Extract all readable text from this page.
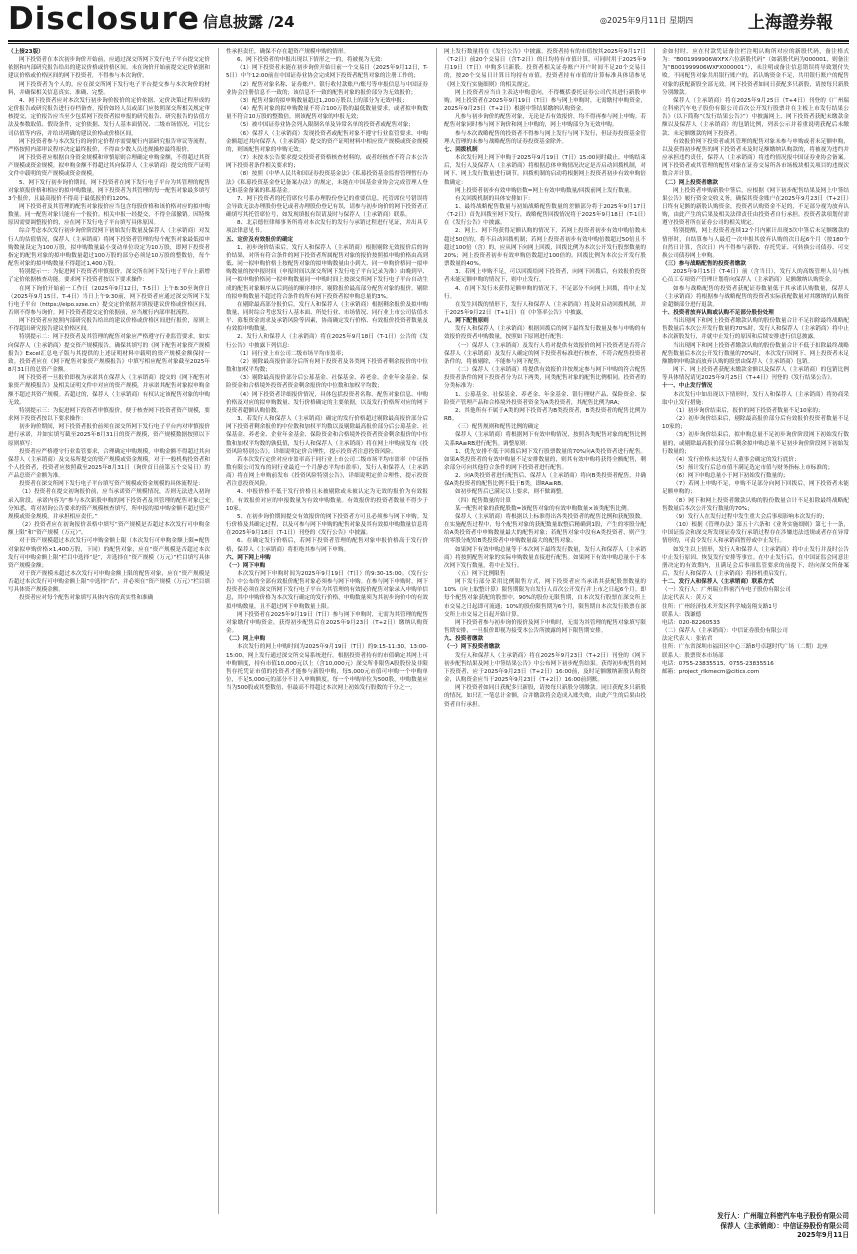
Disclosure 信息披露 /24	◎2025年9月11日 星期四	上海證券報

（上接23版）

网下投资者在本次初步询价开始前，应通过深交所网下发行电子平台提交定价依据和内部研究报告给出的建议价格或价格区间。未在询价开始前提交定价依据和建议价格或价格区间的网下投资者，不得参与本次询价。

网下投资者为个人的，应在深交所网下发行电子平台提交参与本次询价的材料，并确保相关信息真实、准确、完整。

4、网下投资者应对本次发行初步询价报价的定价依据、定价决策过程形成的定价报告或研究报告进行存档备查，报价如经人员或部门应按照深交所相关规定审核提交，定价报告应当至少包括网下投资者拟申报的研究报告、研究报告的估值方法及参数取值、假设条件，定价依据、发行人基本面情况、二级市场情况、可比公司估值等内容，并给出明确的建议价格或价格区间。

网下投资者参与本次发行的询价定价程序需要履行内部研究报告审议等流程，严格按照内部审议程序决定最终报价，不得由少数人员违规操控最终报价。

网下投资者应根据自身资金规模和审慎原则合理确定申购金额，不得超过其资产规模或资金规模。拟申购金额不得超过其向保荐人（主承销商）提交的资产证明文件中载明的资产规模或资金规模。

5、网下发行初步询价期间，网下投资者在网下发行电子平台为其管理的配售对象填报价格和相应的拟申购数量，网下投资者为其管理的每一配售对象最多填写3个报价，且最高报价不得高于最低报价的120%。

网下投资者及其管理的配售对象报价应当包含每股价格和该价格对应的拟申购数量。同一配售对象只能有一个报价。相关申报一经提交，不得全部撤销。因特殊原因需要调整报价的，应在网下发行电子平台填写具体原因。

综合考虑本次发行初步询价阶段网下初始发行数量及保荐人（主承销商）对发行人的估值情况，保荐人（主承销商）将网下投资者管理的每个配售对象最低拟申购数量设定为100万股，拟申购数量最小变动单位设定为10万股，即网下投资者指定的配售对象的拟申购数量超过100万股的部分必须是10万股的整数倍，每个配售对象的拟申购数量不得超过1,400万股。

特别提示一：为促进网下投资者审慎报价，深交所在网下发行电子平台上新增了定价依据核查功能。要求网下投资者按以下要求操作：

在网下询价开始前一工作日（2025年9月12日，T-5日）上午8:30至询价日（2025年9月15日，T-4日）当日上午9:30前，网下投资者应通过深交所网下发行电子平台（https://eipo.szse.cn）提交定价依据并填报建议价格或价格区间，否则不得参与询价。网下投资者提交定价依据前，应当履行内部审批流程。

网下投资者应按照内部研究报告给出的建议价格或价格区间进行报价，原则上不得超出研究报告建议价格区间。

特别提示二：网下投资者及其管理的配售对象应严格遵守行业监管要求，如实向保荐人（主承销商）提交资产规模报告，确保其填写的《网下配售对象资产规模报告》Excel汇总电子版与其提供的上述证明材料中载明的资产规模金额保持一致。投资者应在《网下配售对象资产规模报告》中填写相应配售对象截至2025年8月31日的总资产金额。

网下投资者一旦报价即视为承诺其在保荐人（主承销商）提交的《网下配售对象资产规模报告》及相关证明文件中对应的资产规模，并承诺其配售对象拟申购金额不超过其资产规模。若超过的，保荐人（主承销商）有权认定该配售对象的申购无效。

特别提示三：为促进网下投资者审慎报价，便于核查网下投资者资产规模，要求网下投资者按以下要求操作：

初步询价期间，网下投资者报价前须在深交所网下发行电子平台内对审慎报价进行承诺，并如实填写截至2025年8月31日的资产规模，资产规模数据按照以下原则填写：

投资者应严格遵守行业监管要求，合理确定申购规模，申购金额不得超过其向保荐人（主承销商）及交易所提交的资产规模或资金规模。对于一般机构投资者和个人投资者，投资者应按照截至2025年8月31日（询价首日前第五个交易日）的产品总资产金额为准。

投资者在深交所网下发行电子平台填写资产规模或资金规模的具体流程是：

（1）投资者在提交初询报价前，应当承诺资产规模情况，否则无法进入初询录入阶段。承诺内容为“参与本次新股申购的网下投资者及其管理的配售对象已充分知悉，将对初询公告要求的资产规模核查填写，所申报的拟申购金额不超过资产规模或资金规模，并承担相应责任。”

（2）投资者应在初询报价表格中填写“资产规模是否超过本次发行可申购金额上限”和“资产规模（万元）”。

对于资产规模超过本次发行可申购金额上限（本次发行可申购金额上限=配售对象拟申购价格×1,400万股，下同）的配售对象，应在“资产规模是否超过本次发行可申购金额上限”栏目中选择“是”，并选择在“资产规模（万元）”栏目填写具体资产规模金额；

对于资产规模未超过本次发行可申购金额上限的配售对象，应在“资产规模是否超过本次发行可申购金额上限”中选择“否”，并必须在“资产规模（万元）”栏目填写具体资产规模金额。

投资者应对每个配售对象填写具体内容的真实性和准确

性承担责任，确保不存在超资产规模申购的情形。

6、网下投资者的申报出现以下情形之一的，将被视为无效：

（1）网下投资者未能在初步询价开始日前一个交易日（2025年9月12日，T-5日）中午12:00前在中国证券业协会完成网下投资者配售对象的注册工作的；

（2）配售对象名称、证券账户、银行收付款账户/账号等申报信息与中国证券业协会注册信息不一致的；该信息不一致的配售对象的报价部分为无效报价；

（3）配售对象的拟申购数量超过1,200万股以上的部分为无效申报；

（4）配售对象的拟申购数量不符合100万股的最低数量要求，或者拟申购数量不符合10万股的整数倍，则该配售对象的申报无效；

（5）被中国证券业协会列入限制名单及异常名单的投资者或配售对象；

（6）保荐人（主承销商）发现投资者或配售对象不遵守行业监管要求、申购金额超过其向保荐人（主承销商）提交的资产证明材料中相应资产规模或资金规模的，则该配售对象的申购无效；

（7）未按本公告要求提交投资者资格核查材料的，或者经核查不符合本公告网下投资者条件相关要求的；

（8）按照《中华人民共和国证券投资基金法》《私募投资基金监督管理暂行办法》《私募投资基金登记备案办法》的规定，未能在中国基金业协会完成管理人登记和基金备案的私募基金。

7、网下投资者的托管席位号系办理股份登记的重要信息，托管席位号错误将会导致无法办理股份登记或者办理股份登记有误，请参与初步询价的网下投资者正确填写其托管席位号，如发现填报有误请及时与保荐人（主承销商）联系。

8、北京德恒律师事务所将对本次发行的发行与承销过程进行见证，并出具专项法律意见书。

五、定价及有效报价的确定

1、初步询价结束后，发行人和保荐人（主承销商）根据剔除无效报价后的询价结果，对所有符合条件的网下投资者所属配售对象的报价按照拟申购价格由高到低、同一拟申购价格上按配售对象的拟申购数量由小到大、同一申购价格同一拟申购数量的按申报时间（申报时间以深交所网下发行电子平台记录为准）由晚到早、同一拟申购价格同一拟申购数量同一申购时间上按深交所网下发行电子平台自动生成的配售对象顺序从后到前的顺序排序，剔除报价最高部分配售对象的报价，剔除的拟申购数量不超过符合条件的所有网下投资者拟申购总量的3%。

在剔除最高部分报价后，发行人和保荐人（主承销商）根据剩余报价及拟申购数量，同时综合考虑发行人基本面、所处行业、市场情况、同行业上市公司估值水平、募集资金需求及承销风险等因素，协商确定发行价格、有效报价投资者数量及有效拟申购数量。

2、发行人和保荐人（主承销商）将在2025年9月18日（T-1日）公告的《发行公告》中披露下列信息：

（1）同行业上市公司二级市场平均市盈率；

（2）剔除最高报价部分后所有网下投资者及各类网下投资者剩余报价的中位数和加权平均数；

（3）剔除最高报价部分后公募基金、社保基金、养老金、企业年金基金、保险资金和合格境外投资者资金剩余报价的中位数和加权平均数；

（4）网下投资者详细报价情况，具体包括投资者名称、配售对象信息、申购价格及对应的拟申购数量、发行价格确定的主要依据，以及发行价格所对应的网下投资者超额认购倍数。

3、若发行人和保荐人（主承销商）确定的发行价格超过剔除最高报价部分后网下投资者剩余报价的中位数和加权平均数以及剔除最高报价部分后公募基金、社保基金、养老金、企业年金基金、保险资金和合格境外投资者资金剩余报价的中位数和加权平均数的孰低值，发行人和保荐人（主承销商）将在网上申购前发布《投资风险特别公告》，详细说明定价合理性，提示投资者注意投资风险。

若本次发行定价对应市盈率高于同行业上市公司二级市场平均市盈率（中证指数有限公司发布的同行业最近一个月静态平均市盈率），发行人和保荐人（主承销商）将在网上申购前发布《投资风险特别公告》，详细说明定价合理性，提示投资者注意投资风险。

4、申报价格不低于发行价格且未被剔除或未被认定为无效的报价为有效报价。有效报价对应的申报数量为有效申购数量。有效报价的投资者数量不得少于10家。

5、在初步询价期间提交有效报价的网下投资者方可且必须参与网下申购。发行价格及其确定过程，以及可参与网下申购的配售对象及其有效拟申购数量信息将在2025年9月18日（T-1日）刊登的《发行公告》中披露。

6、在确定发行价格后，若网下投资者管理的配售对象申报价格高于发行价格，保荐人（主承销商）将拒绝其参与网下申购。

六、网下网上申购

（一）网下申购

本次发行网下申购时间为2025年9月19日（T日）的9:30-15:00。《发行公告》中公布的全部有效报价配售对象必须参与网下申购。在参与网下申购时，网下投资者必须在深交所网下发行电子平台为其管理的有效报价配售对象录入申购单信息，其中申购价格为本次发行确定的发行价格，申购数量须为其初步询价中的有效拟申购数量，且不超过网下申购数量上限。

网下投资者在2025年9月19日（T日）参与网下申购时，无需为其管理的配售对象缴付申购资金，获得初步配售后在2025年9月23日（T+2日）缴纳认购资金。

（二）网上申购

本次发行的网上申购时间为2025年9月19日（T日）的9:15-11:30，13:00-15:00。网上发行通过深交所交易系统进行。根据投资者持有的市值确定其网上可申购额度，持有市值10,000元以上（含10,000元）深交所非限售A股股份及非限售存托凭证市值的投资者才能参与新股申购，每5,000元市值可申购一个申购单位，不足5,000元的部分不计入申购额度。每一个申购单位为500股，申购数量应当为500股或其整数倍，但最高不得超过本次网上初始发行股数的千分之一。

网上发行数量将在《发行公告》中披露。投资者持有的市值按其2025年9月17日（T-2日）前20个交易日（含T-2日）的日均持有市值计算，可同时用于2025年9月19日（T日）申购多只新股。投资者相关证券账户开户时间不足20个交易日的，按20个交易日计算日均持有市值。投资者持有市值的计算标准具体请参见《网上发行实施细则》的相关规定。

网上投资者应当自主表达申购意向，不得概括委托证券公司代其进行新股申购。网上投资者在2025年9月19日（T日）参与网上申购时，无需缴付申购资金，2025年9月23日（T+2日）根据中签结果缴纳认购资金。

凡参与初步询价的配售对象，无论是否有效报价，均不得再参与网上申购。若配售对象同时参与网下询价和网上申购的，网上申购部分为无效申购。

参与本次战略配售的投资者不得参与网上发行与网下发行，但证券投资基金管理人管理的未参与战略配售的证券投资基金除外。

七、回拨机制

本次发行网上网下申购于2025年9月19日（T日）15:00同时截止。申购结束后，发行人及保荐人（主承销商）将根据总体申购情况决定是否启动回拨机制，对网下、网上发行数量进行调节。回拨机制的启动将根据网上投资者初步有效申购倍数确定：

网上投资者初步有效申购倍数=网上有效申购数量/回拨前网上发行数量。

有关回拨机制的具体安排如下：

1、最终战略配售数量与初始战略配售数量的差额部分将于2025年9月17日（T-2日）首先回拨至网下发行，战略配售回拨情况将于2025年9月18日（T-1日）在《发行公告》中披露。

2、网上、网下均获得足额认购的情况下，若网上投资者初步有效申购倍数未超过50倍的，将不启动回拨机制；若网上投资者初步有效申购倍数超过50倍且不超过100倍（含）的，应从网下向网上回拨，回拨比例为本次公开发行股票数量的20%；网上投资者初步有效申购倍数超过100倍的，回拨比例为本次公开发行股票数量的40%。

3、若网上申购不足，可以回拨给网下投资者，向网下回拨后，有效报价投资者未能足额申购的情况下，则中止发行。

4、在网下发行未获得足额申购的情况下，不足部分不向网上回拨，将中止发行。

在发生回拨的情形下，发行人和保荐人（主承销商）将及时启动回拨机制，并于2025年9月22日（T+1日）在《中签率公告》中披露。

八、网下配售原则

发行人和保荐人（主承销商）根据回拨后的网下最终发行数量及参与申购的有效报价投资者申购数量，按照如下原则进行配售：

（一）保荐人（主承销商）及发行人将对提供有效报价的网下投资者是否符合保荐人（主承销商）及发行人确定的网下投资者标准进行核查，不符合配售投资者条件的，将被剔除，不能参与网下配售。

（二）保荐人（主承销商）将提供有效报价并按规定参与网下申购的符合配售投资者条件的网下投资者分为以下两类，同类配售对象的配售比例相同，投资者的分类标准为：

1、公募基金、社保基金、养老金、年金基金、银行理财产品、保险资金、保险资产管理产品和合格境外投资者资金为A类投资者，其配售比例为RA；

2、其他所有不属于A类的网下投资者为B类投资者，B类投资者的配售比例为RB。

（三）配售规则和配售比例的确定

保荐人（主承销商）将根据网下有效申购情况，按照各类配售对象的配售比例关系RA≥RB进行配售。调整原则：

1、优先安排不低于回拨后网下发行股票数量的70%向A类投资者进行配售。如果A类投资者的有效申购量不足安排数量的，则其有效申购将获得全额配售，剩余部分可向其他符合条件的网下投资者进行配售。

2、向A类投资者进行配售后，保荐人（主承销商）将向B类投资者配售，并确保A类投资者的配售比例不低于B类，即RA≥RB。

如初步配售后已满足以上要求，则不做调整。

（四）配售数量的计算

某一配售对象的获配股数=该配售对象的有效申购数量×该类配售比例。

保荐人（主承销商）将根据以上标准得出各类投资者的配售比例和获配股数。在实施配售过程中，每个配售对象的获配数量取整后精确到1股，产生的零股分配给A类投资者中申购数量最大的配售对象；若配售对象中没有A类投资者，则产生的零股分配给B类投资者中申购数量最大的配售对象。

如果网下有效申购总量等于本次网下最终发行数量，发行人和保荐人（主承销商）将按照配售对象的实际申购数量直接进行配售。如果网下有效申购总量小于本次网下发行数量，将中止发行。

（五）网下比例限售

网下发行部分采用比例限售方式，网下投资者应当承诺其获配股票数量的10%（向上取整计算）限售期限为自发行人首次公开发行并上市之日起6个月。即每个配售对象获配的股票中，90%的股份无限售期，自本次发行股票在深交所上市交易之日起即可流通；10%的股份限售期为6个月，限售期自本次发行股票在深交所上市交易之日起开始计算。

网下投资者参与初步询价报价及网下申购时，无需为其管理的配售对象填写限售期安排，一旦报价即视为接受本公告所披露的网下限售期安排。

九、投资者缴款

（一）网下投资者缴款

发行人和保荐人（主承销商）将在2025年9月23日（T+2日）刊登的《网下初步配售结果及网上中签结果公告》中公布网下初步配售结果。获得初步配售的网下投资者，应于2025年9月23日（T+2日）16:00前，及时足额缴纳新股认购资金，认购资金应当于2025年9月23日（T+2日）16:00前到账。

网下投资者如同日获配多只新股，请按每只新股分别缴款。同日获配多只新股的情况，如只汇一笔总计金额，合并缴款将会造成入账失败，由此产生的后果由投资者自行承担。

金如付时，应在付款凭证备注栏注明认购所对应的新股代码，备注格式为：“B001999906WXFX六位新股代码”（如新股代码为000001，则备注为“B001999906WXFX000001”），未注明或备注信息错误将导致划付失败。不同配售对象共用银行账户的，若认购资金不足，共用银行账户的配售对象的获配新股全部无效。网下投资者如同日获配多只新股，请按每只新股分别缴款。

保荐人（主承销商）将在2025年9月25日（T+4日）刊登的《广州瑞立科密汽车电子股份有限公司首次公开发行股票并在主板上市发行结果公告》（以下简称“《发行结果公告》”）中披露网上、网下投资者获配未缴款金额以及保荐人（主承销商）的包销比例，列表公示并着重说明获配后未缴款、未足额缴款的网下投资者。

有效报价网下投资者或其管理的配售对象未参与申购或者未足额申购，以及获得初步配售的网下投资者未及时足额缴纳认购款的，将被视为违约并应承担违约责任，保荐人（主承销商）将违约情况报中国证券业协会备案。网下投资者或其管理的配售对象在证券交易所各市场板块相关项目的违规次数合并计算。

（二）网上投资者缴款

网上投资者申购新股中签后，应根据《网下初步配售结果及网上中签结果公告》履行资金交收义务，确保其资金账户在2025年9月23日（T+2日）日终有足额的新股认购资金，投资者认购资金不足的，不足部分视为放弃认购，由此产生的后果及相关法律责任由投资者自行承担。投资者款项划付需遵守投资者所在证券公司的相关规定。

特别提醒，网上投资者连续12个月内累计出现3次中签后未足额缴款的情形时，自结算参与人最近一次申报其放弃认购的次日起6个月（按180个自然日计算，含次日）内不得参与新股、存托凭证、可转换公司债券、可交换公司债券网上申购。

（三）参与战略配售的投资者缴款

2025年9月15日（T-4日）前（含当日），发行人的高级管理人员与核心员工专项资产管理计划将向保荐人（主承销商）足额缴纳认购资金。

如参与战略配售的投资者获配证券数量低于其承诺认购数量，保荐人（主承销商）将根据参与战略配售的投资者实际获配数量对其缴纳的认购资金超额部分进行退款。

十、投资者放弃认购或认购不足部分股份处理

当出现网下和网上投资者缴款认购的股份数量合计不足扣除最终战略配售数量后本次公开发行数量的70%时，发行人和保荐人（主承销商）将中止本次新股发行，并就中止发行的原因和后续安排进行信息披露。

当出现网下和网上投资者缴款认购的股份数量合计不低于扣除最终战略配售数量后本次公开发行数量的70%时，本次发行因网下、网上投资者未足额缴纳申购款而放弃认购的股票由保荐人（主承销商）包销。

网下、网上投资者获配未缴款金额以及保荐人（主承销商）的包销比例等具体情况请见2025年9月25日（T+4日）刊登的《发行结果公告》。

十一、中止发行情况

本次发行中如出现以下情形时，发行人和保荐人（主承销商）将协商采取中止发行措施：

（1）初步询价结束后，报价的网下投资者数量不足10家的；

（2）初步询价结束后，剔除最高报价部分后有效报价投资者数量不足10家的；

（3）初步询价结束后，拟申购总量不足初步询价阶段网下初始发行数量的，或剔除最高报价部分后剩余拟申购总量不足初步询价阶段网下初始发行数量的；

（4）发行价格未达发行人董事会确定的发行底价；

（5）预计发行后总市值不满足选定市值与财务指标上市标准的；

（6）网下申购总量小于网下初始发行数量的；

（7）若网上申购不足，申购不足部分向网下回拨后，网下投资者未能足额申购的；

（8）网下和网上投资者缴款认购的股份数量合计不足扣除最终战略配售数量后本次公开发行数量的70%；

（9）发行人在发行过程中发生重大会后事项影响本次发行的；

（10）根据《管理办法》第五十六条和《业务实施细则》第七十一条，中国证监会和深交所发现证券发行承销过程存在涉嫌违法违规或者存在异常情形的，可责令发行人和承销商暂停或中止发行。

如发生以上情形，发行人和保荐人（主承销商）将中止发行并及时公告中止发行原因、恢复发行安排等事宜。在中止发行后，在中国证监会同意注册决定的有效期内，且满足会后事项监管要求的前提下，经向深交所备案后，发行人和保荐人（主承销商）将择机重启发行。

十二、发行人和保荐人（主承销商）联系方式

（一）发行人：广州瑞立科密汽车电子股份有限公司

法定代表人：黄万义

住所：广州经济技术开发区科学城南翔支路1号

联系人：钱谦德

电话：020-82260533

（二）保荐人（主承销商）：中信证券股份有限公司

法定代表人：张佑君

住所：广东省深圳市福田区中心三路8号卓越时代广场（二期）北座

联系人：股票资本市场部

电话：0755-23835515、0755-23835516

邮箱：project_rlkmecm@citics.com

发行人：广州瑞立科密汽车电子股份有限公司
保荐人（主承销商）：中信证券股份有限公司
2025年9月11日
